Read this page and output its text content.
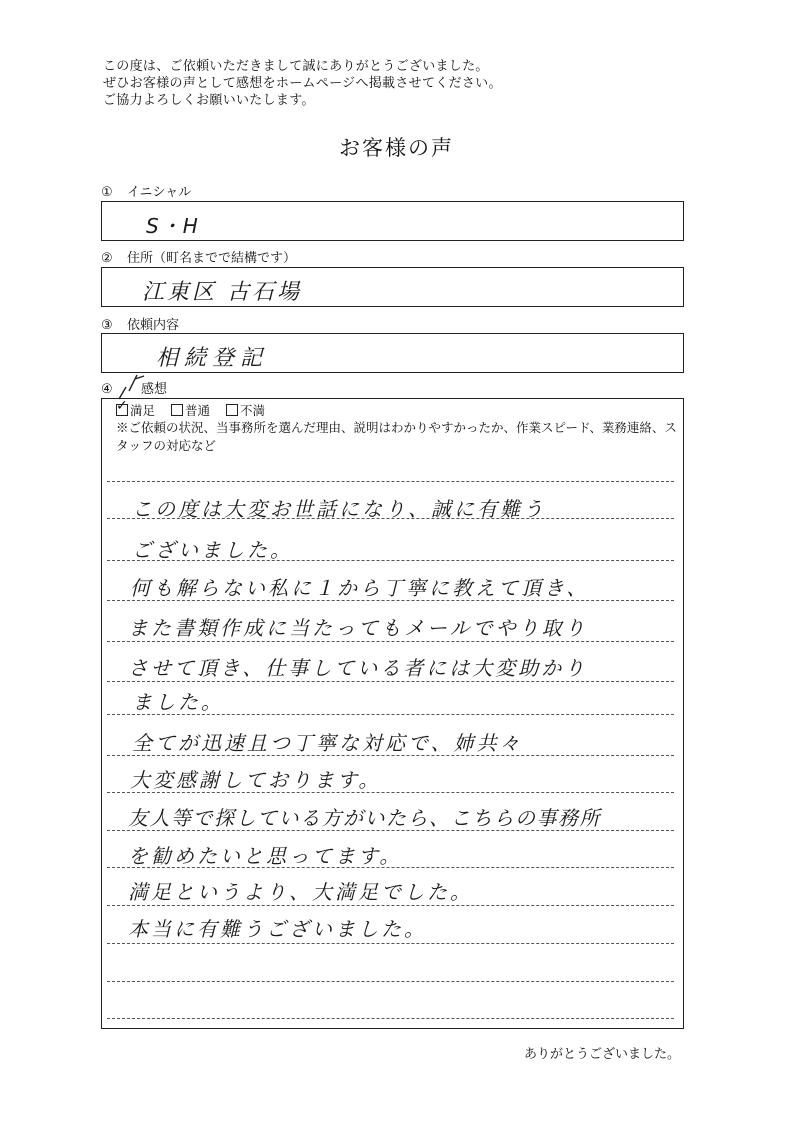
この度は、ご依頼いただきまして誠にありがとうございました。
ぜひお客様の声として感想をホームページへ掲載させてください。
ご協力よろしくお願いいたします。
お客様の声
① イニシャル
S・H
② 住所（町名までで結構です）
江東区 古石場
③ 依頼内容
相続登記
④ 感想
✓満足 普通 不満
※ご依頼の状況、当事務所を選んだ理由、説明はわかりやすかったか、作業スピード、業務連絡、スタッフの対応など
この度は大変お世話になり、誠に有難う
ございました。
何も解らない私に１から丁寧に教えて頂き、
また書類作成に当たってもメールでやり取り
させて頂き、仕事している者には大変助かり
ました。
全てが迅速且つ丁寧な対応で、姉共々
大変感謝しております。
友人等で探している方がいたら、こちらの事務所
を勧めたいと思ってます。
満足というより、大満足でした。
本当に有難うございました。
ありがとうございました。
